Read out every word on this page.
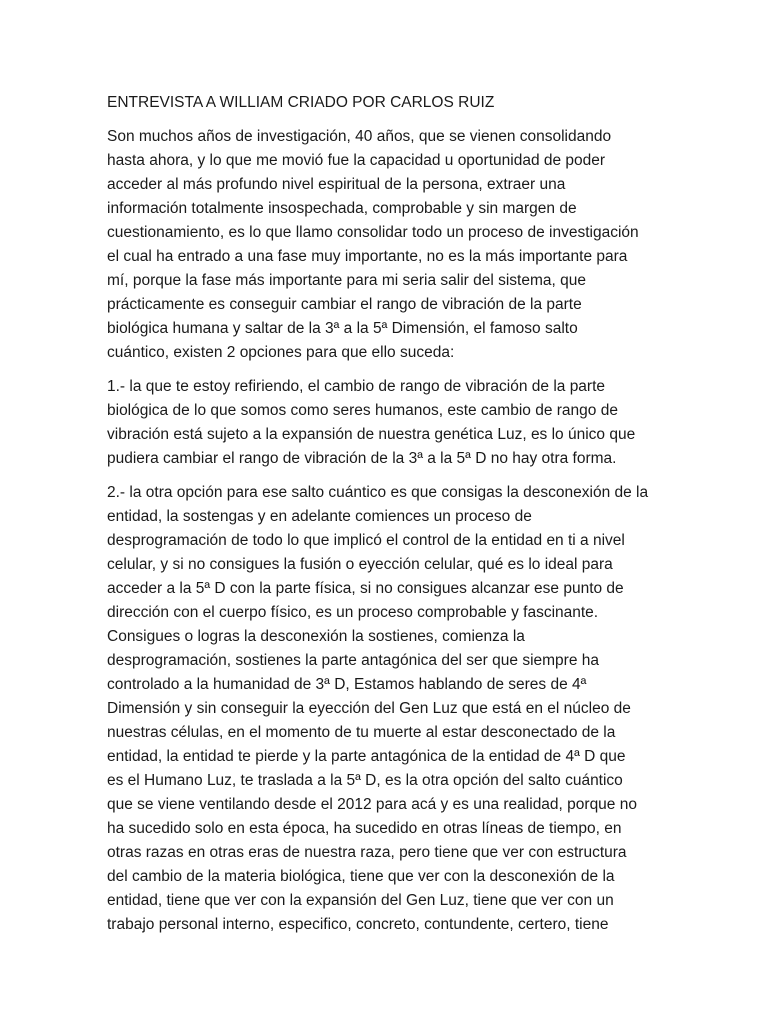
ENTREVISTA A WILLIAM CRIADO POR CARLOS RUIZ
Son muchos años de investigación, 40 años, que se vienen consolidando
hasta ahora, y lo que me movió fue la capacidad u oportunidad de poder
acceder al más profundo nivel espiritual de la persona, extraer una
información totalmente insospechada, comprobable y sin margen de
cuestionamiento, es lo que llamo consolidar todo un proceso de investigación
el cual ha entrado a una fase muy importante, no es la más importante para
mí, porque la fase más importante para mi seria salir del sistema, que
prácticamente es conseguir cambiar el rango de vibración de la parte
biológica humana y saltar de la 3ª a la 5ª Dimensión, el famoso salto
cuántico, existen 2 opciones para que ello suceda:
1.- la que te estoy refiriendo, el cambio de rango de vibración de la parte
biológica de lo que somos como seres humanos, este cambio de rango de
vibración está sujeto a la expansión de nuestra genética Luz, es lo único que
pudiera cambiar el rango de vibración de la 3ª a la 5ª D no hay otra forma.
2.- la otra opción para ese salto cuántico es que consigas la desconexión de la
entidad, la sostengas y en adelante comiences un proceso de
desprogramación de todo lo que implicó el control de la entidad en ti a nivel
celular, y si no consigues la fusión o eyección celular, qué es lo ideal para
acceder a la 5ª D con la parte física, si no consigues alcanzar ese punto de
dirección con el cuerpo físico, es un proceso comprobable y fascinante.
Consigues o logras la desconexión la sostienes, comienza la
desprogramación, sostienes la parte antagónica del ser que siempre ha
controlado a la humanidad de 3ª D, Estamos hablando de seres de 4ª
Dimensión y sin conseguir la eyección del Gen Luz que está en el núcleo de
nuestras células, en el momento de tu muerte al estar desconectado de la
entidad, la entidad te pierde y la parte antagónica de la entidad de 4ª D que
es el Humano Luz, te traslada a la 5ª D, es la otra opción del salto cuántico
que se viene ventilando desde el 2012 para acá y es una realidad, porque no
ha sucedido solo en esta época, ha sucedido en otras líneas de tiempo, en
otras razas en otras eras de nuestra raza, pero tiene que ver con estructura
del cambio de la materia biológica, tiene que ver con la desconexión de la
entidad, tiene que ver con la expansión del Gen Luz, tiene que ver con un
trabajo personal interno, especifico, concreto, contundente, certero, tiene
